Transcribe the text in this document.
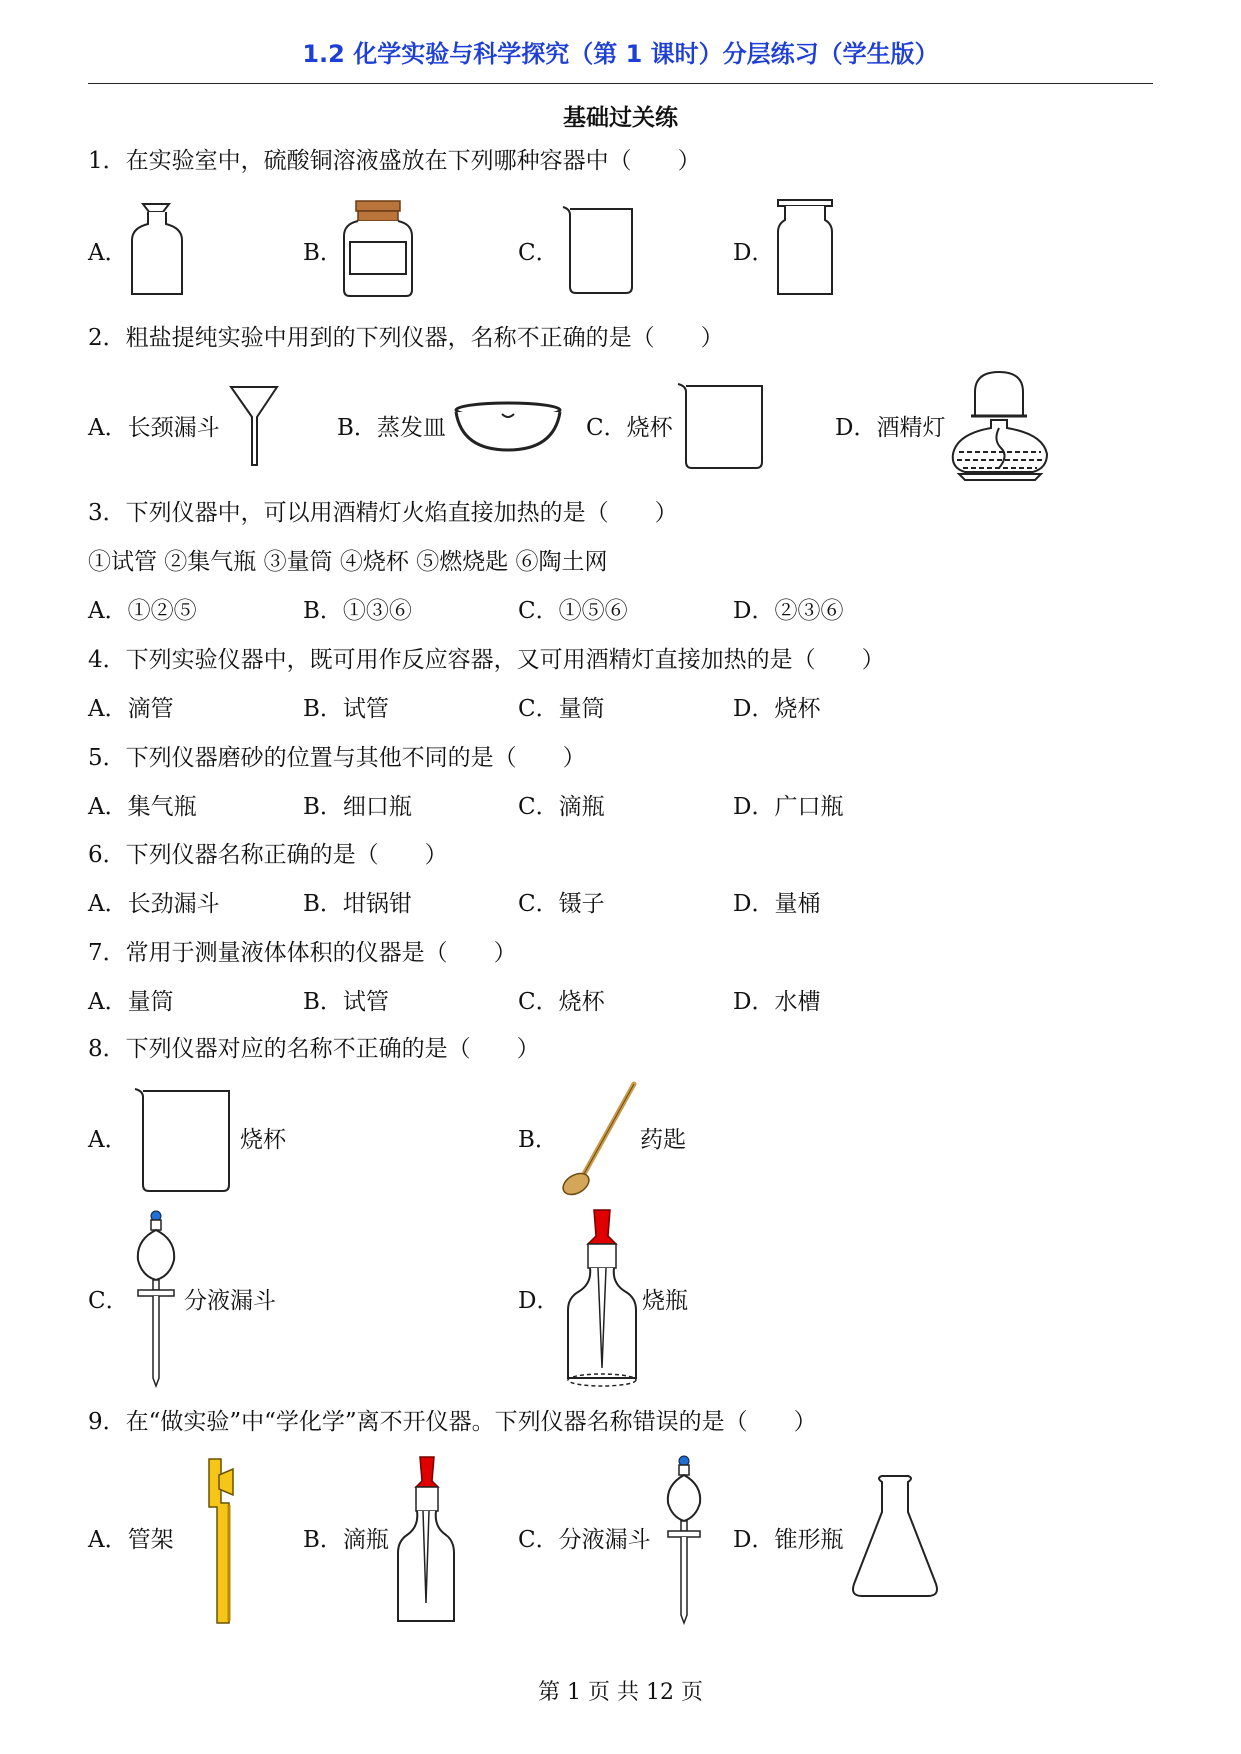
1.2 化学实验与科学探究（第 1 课时）分层练习（学生版）
基础过关练
1．在实验室中，硫酸铜溶液盛放在下列哪种容器中（　　）
A．	B．	C．	D．
2．粗盐提纯实验中用到的下列仪器，名称不正确的是（　　）
A．长颈漏斗	B．蒸发皿	C．烧杯	D．酒精灯
3．下列仪器中，可以用酒精灯火焰直接加热的是（　　）
①试管 ②集气瓶 ③量筒 ④烧杯 ⑤燃烧匙 ⑥陶土网
A．①②⑤	B．①③⑥	C．①⑤⑥	D．②③⑥
4．下列实验仪器中，既可用作反应容器，又可用酒精灯直接加热的是（　　）
A．滴管	B．试管	C．量筒	D．烧杯
5．下列仪器磨砂的位置与其他不同的是（　　）
A．集气瓶	B．细口瓶	C．滴瓶	D．广口瓶
6．下列仪器名称正确的是（　　）
A．长劲漏斗	B．坩锅钳	C．镊子	D．量桶
7．常用于测量液体体积的仪器是（　　）
A．量筒	B．试管	C．烧杯	D．水槽
8．下列仪器对应的名称不正确的是（　　）
A．	烧杯	B．	药匙
C． 分液漏斗	D．	烧瓶
9．在“做实验”中“学化学”离不开仪器。下列仪器名称错误的是（　　）
A．管架	B．滴瓶	C．分液漏斗	D．锥形瓶
第 1 页 共 12 页
